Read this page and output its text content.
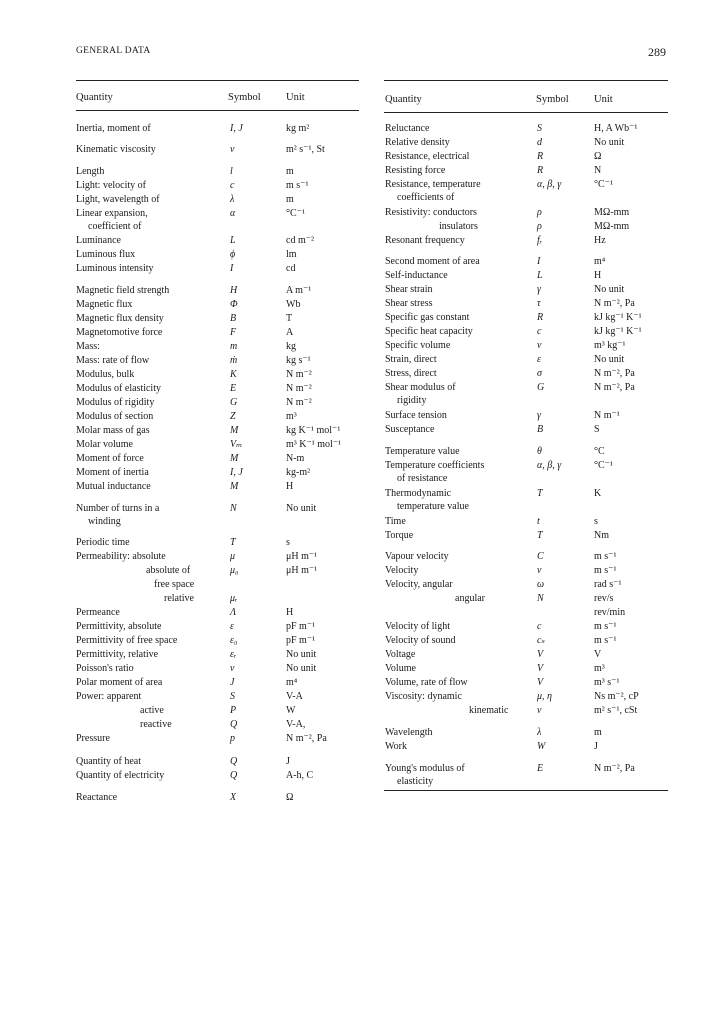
GENERAL DATA	289
Quantity	Symbol Unit	Quantity	Symbol Unit
Inertia, moment of	I, J	kg m²
Kinematic viscosity	ν	m² s⁻¹, St
Length	l	m
Light: velocity of	c	m s⁻¹
Light, wavelength of	λ	m
Linear expansion,	α	°C⁻¹
coefficient of
Luminance	L	cd m⁻²
Luminous flux	ϕ	lm
Luminous intensity	I	cd
Magnetic field strength	H	A m⁻¹
Magnetic flux	Φ	Wb
Magnetic flux density	B	T
Magnetomotive force	F	A
Mass:	m	kg
Mass: rate of flow	ṁ	kg s⁻¹
Modulus, bulk	K	N m⁻²
Modulus of elasticity	E	N m⁻²
Modulus of rigidity	G	N m⁻²
Modulus of section	Z	m³
Molar mass of gas	M	kg K⁻¹ mol⁻¹
Molar volume	Vₘ	m³ K⁻¹ mol⁻¹
Moment of force	M	N-m
Moment of inertia	I, J	kg-m²
Mutual inductance	M	H
Number of turns in a	N	No unit
winding
Periodic time	T	s
Permeability: absolute	μ	μH m⁻¹
absolute of	μ₀	μH m⁻¹
free space
relative	μᵣ
Permeance	Λ	H
Permittivity, absolute	ε	pF m⁻¹
Permittivity of free space	ε₀	pF m⁻¹
Permittivity, relative	εᵣ	No unit
Poisson's ratio	ν	No unit
Polar moment of area	J	m⁴
Power: apparent	S	V-A
active	P	W
reactive	Q	V-A,
Pressure	p	N m⁻², Pa
Quantity of heat	Q	J
Quantity of electricity	Q	A-h, C
Reactance	X	Ω
Reluctance	S	H, A Wb⁻¹
Relative density	d	No unit
Resistance, electrical	R	Ω
Resisting force	R	N
Resistance, temperature	α, β, γ	°C⁻¹
coefficients of
Resistivity: conductors	ρ	MΩ-mm
insulators	ρ	MΩ-mm
Resonant frequency	fᵣ	Hz
Second moment of area	I	m⁴
Self-inductance	L	H
Shear strain	γ	No unit
Shear stress	τ	N m⁻², Pa
Specific gas constant	R	kJ kg⁻¹ K⁻¹
Specific heat capacity	c	kJ kg⁻¹ K⁻¹
Specific volume	v	m³ kg⁻¹
Strain, direct	ε	No unit
Stress, direct	σ	N m⁻², Pa
Shear modulus of	G	N m⁻², Pa
rigidity
Surface tension	γ	N m⁻¹
Susceptance	B	S
Temperature value	θ	°C
Temperature coefficients	α, β, γ	°C⁻¹
of resistance
Thermodynamic	T	K
temperature value
Time	t	s
Torque	T	Nm
Vapour velocity	C	m s⁻¹
Velocity	v	m s⁻¹
Velocity, angular	ω	rad s⁻¹
angular	N	rev/s
rev/min
Velocity of light	c	m s⁻¹
Velocity of sound	cₛ	m s⁻¹
Voltage	V	V
Volume	V	m³
Volume, rate of flow	V	m³ s⁻¹
Viscosity: dynamic	μ, η	Ns m⁻², cP
kinematic	ν	m² s⁻¹, cSt
Wavelength	λ	m
Work	W	J
Young's modulus of	E	N m⁻², Pa
elasticity
